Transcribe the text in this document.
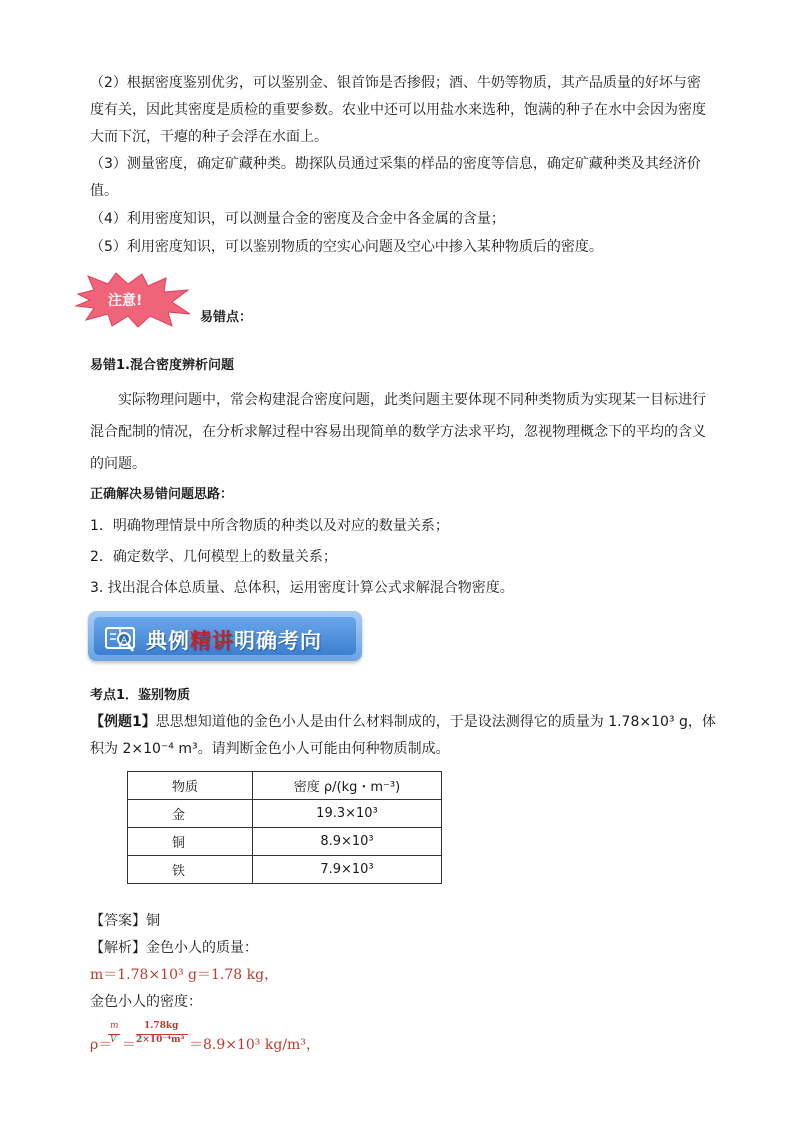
（2）根据密度鉴别优劣，可以鉴别金、银首饰是否掺假；酒、牛奶等物质，其产品质量的好坏与密
度有关，因此其密度是质检的重要参数。农业中还可以用盐水来选种，饱满的种子在水中会因为密度
大而下沉，干瘪的种子会浮在水面上。
（3）测量密度，确定矿藏种类。勘探队员通过采集的样品的密度等信息，确定矿藏种类及其经济价
值。
（4）利用密度知识，可以测量合金的密度及合金中各金属的含量；
（5）利用密度知识，可以鉴别物质的空实心问题及空心中掺入某种物质后的密度。
注意!
易错点：
易错1.混合密度辨析问题
实际物理问题中，常会构建混合密度问题，此类问题主要体现不同种类物质为实现某一目标进行
混合配制的情况，在分析求解过程中容易出现简单的数学方法求平均，忽视物理概念下的平均的含义
的问题。
正确解决易错问题思路：
1．明确物理情景中所含物质的种类以及对应的数量关系；
2．确定数学、几何模型上的数量关系；
3. 找出混合体总质量、总体积，运用密度计算公式求解混合物密度。
A 典例精讲明确考向
考点1．鉴别物质
【例题1】思思想知道他的金色小人是由什么材料制成的，于是设法测得它的质量为 1.78×10³ g，体
积为 2×10⁻⁴ m³。请判断金色小人可能由何种物质制成。
物质	密度 ρ/(kg・m⁻³)
金	19.3×10³
铜	8.9×10³
铁	7.9×10³
【答案】铜
【解析】金色小人的质量：
m＝1.78×10³ g＝1.78 kg，
金色小人的密度：
ρ＝
m
V ＝
1.78kg
2×10⁻⁴m³ ＝8.9×10³ kg/m³，
